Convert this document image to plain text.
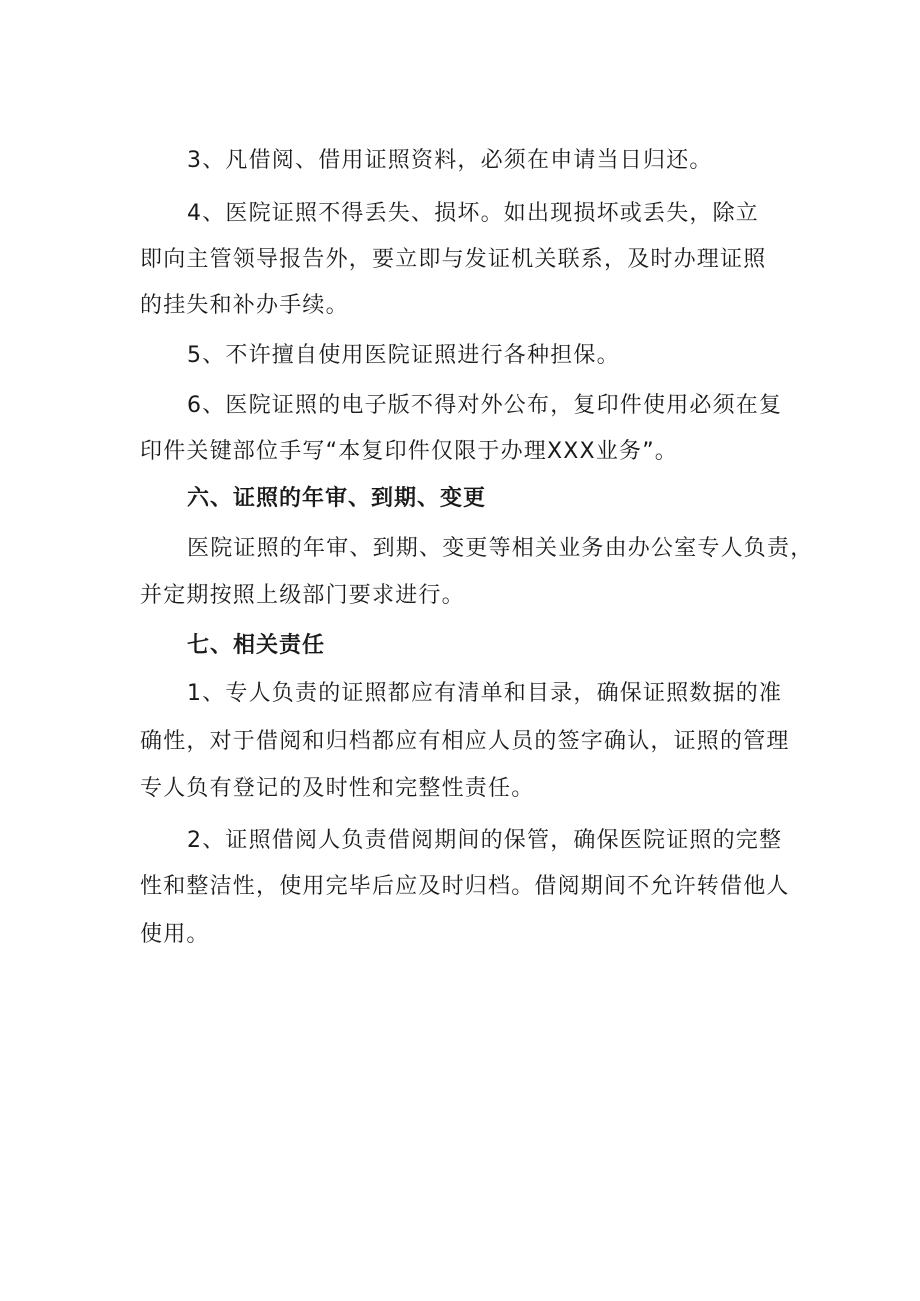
3、凡借阅、借用证照资料，必须在申请当日归还。
4、医院证照不得丢失、损坏。如出现损坏或丢失，除立
即向主管领导报告外，要立即与发证机关联系，及时办理证照
的挂失和补办手续。
5、不许擅自使用医院证照进行各种担保。
6、医院证照的电子版不得对外公布，复印件使用必须在复
印件关键部位手写“本复印件仅限于办理XXX业务”。
六、证照的年审、到期、变更
医院证照的年审、到期、变更等相关业务由办公室专人负责，
并定期按照上级部门要求进行。
七、相关责任
1、专人负责的证照都应有清单和目录，确保证照数据的准
确性，对于借阅和归档都应有相应人员的签字确认，证照的管理
专人负有登记的及时性和完整性责任。
2、证照借阅人负责借阅期间的保管，确保医院证照的完整
性和整洁性，使用完毕后应及时归档。借阅期间不允许转借他人
使用。
